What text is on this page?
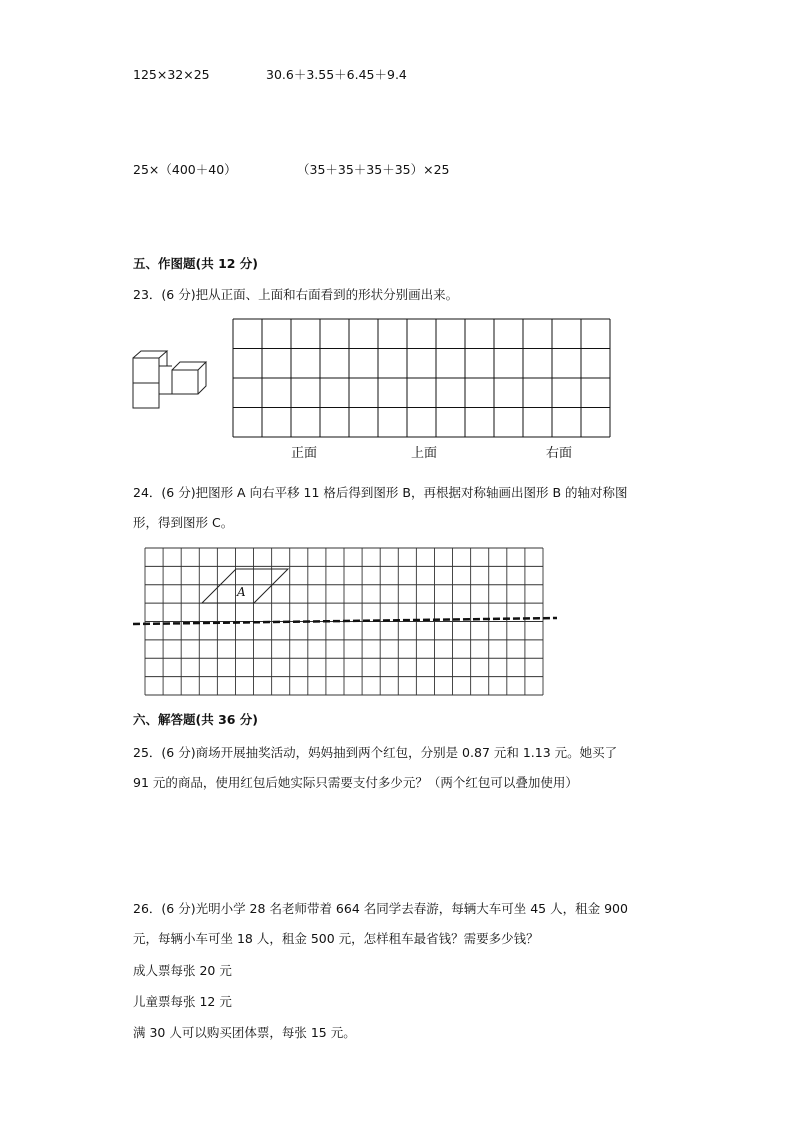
125×32×25	30.6＋3.55＋6.45＋9.4
25×（400＋40）	（35＋35＋35＋35）×25
五、作图题(共 12 分)
23．(6 分)把从正面、上面和右面看到的形状分别画出来。
正面	上面	右面
24．(6 分)把图形 A 向右平移 11 格后得到图形 B，再根据对称轴画出图形 B 的轴对称图
形，得到图形 C。
A
六、解答题(共 36 分)
25．(6 分)商场开展抽奖活动，妈妈抽到两个红包，分别是 0.87 元和 1.13 元。她买了
91 元的商品，使用红包后她实际只需要支付多少元？（两个红包可以叠加使用）
26．(6 分)光明小学 28 名老师带着 664 名同学去春游，每辆大车可坐 45 人，租金 900
元，每辆小车可坐 18 人，租金 500 元，怎样租车最省钱？需要多少钱？
成人票每张 20 元
儿童票每张 12 元
满 30 人可以购买团体票，每张 15 元。
